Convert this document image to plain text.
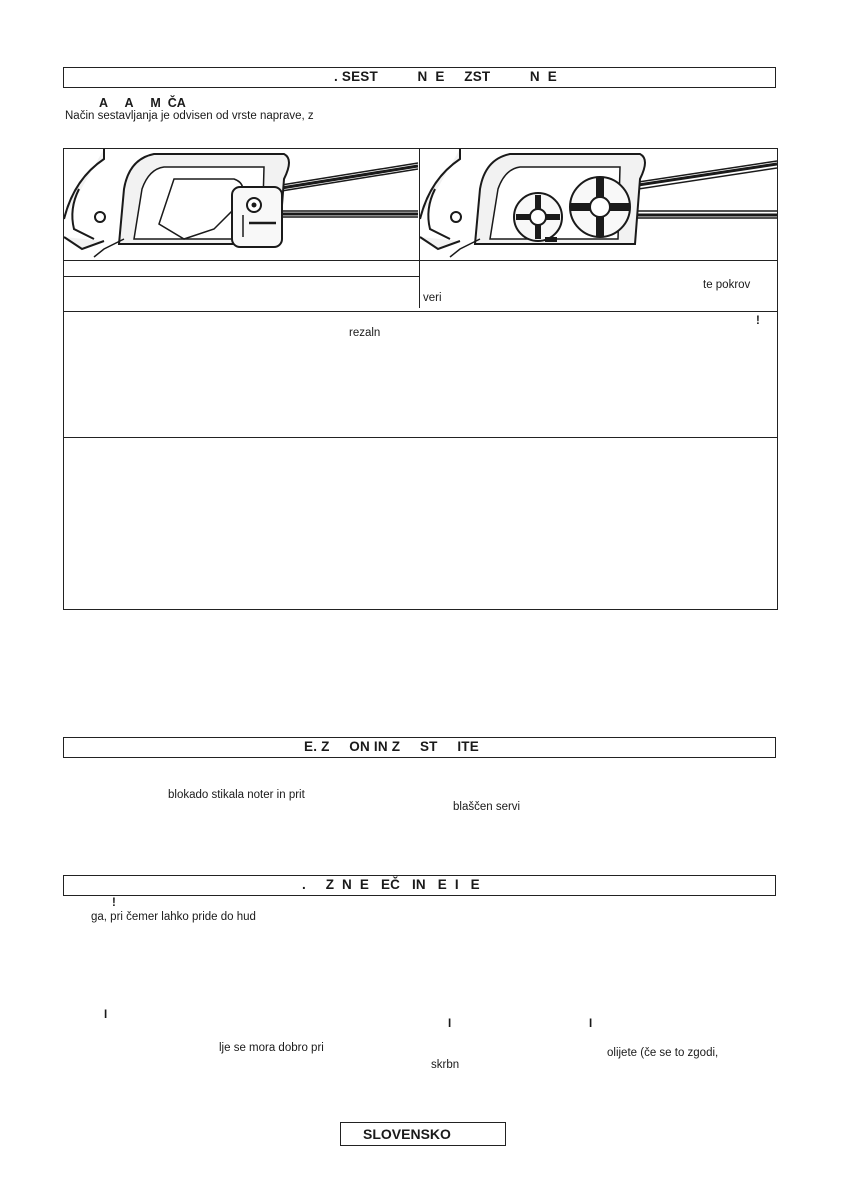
. SEST          N  E     ZST          N  E
A     A     M  ČA
Način sestavljanja je odvisen od vrste naprave, z
te pokrov
veri
!
rezaln
E. Z     ON IN Z     ST     ITE
blokado stikala noter in prit
blaščen servi
.     Z  N  E   EČ   IN   E  I   E
!
ga, pri čemer lahko pride do hud
I
I	I
lje se mora dobro pri	olijete (če se to zgodi,
skrbn
SLOVENSKO
